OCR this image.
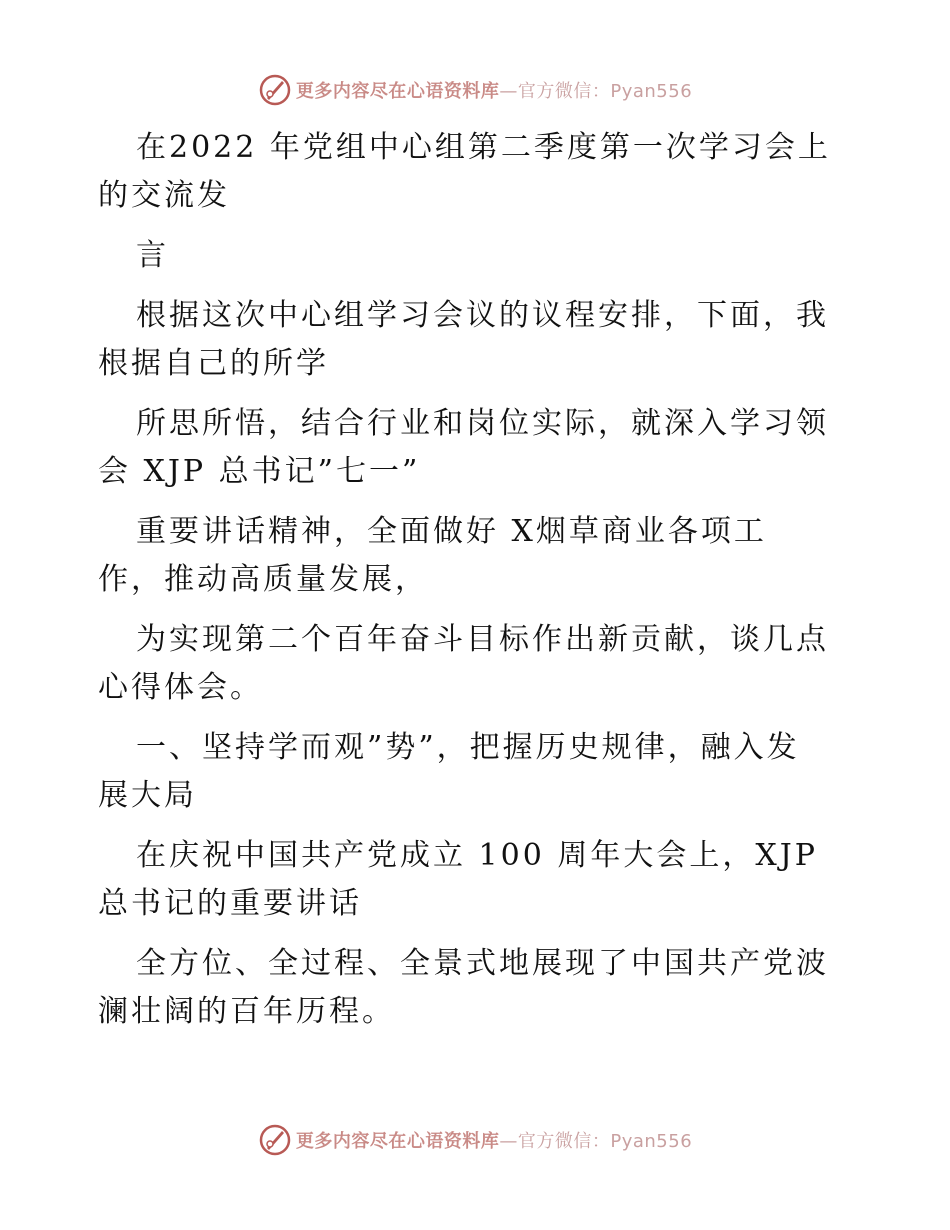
更多内容尽在心语资料库—官方微信：Pyan556

在2022 年党组中心组第二季度第一次学习会上

的交流发

言

根据这次中心组学习会议的议程安排，下面，我

根据自己的所学

所思所悟，结合行业和岗位实际，就深入学习领

会 XJP 总书记”七一”

重要讲话精神，全面做好 X烟草商业各项工

作，推动高质量发展，

为实现第二个百年奋斗目标作出新贡献，谈几点

心得体会。

一、坚持学而观”势”，把握历史规律，融入发

展大局

在庆祝中国共产党成立 100 周年大会上，XJP

总书记的重要讲话

全方位、全过程、全景式地展现了中国共产党波

澜壮阔的百年历程。

更多内容尽在心语资料库—官方微信：Pyan556
